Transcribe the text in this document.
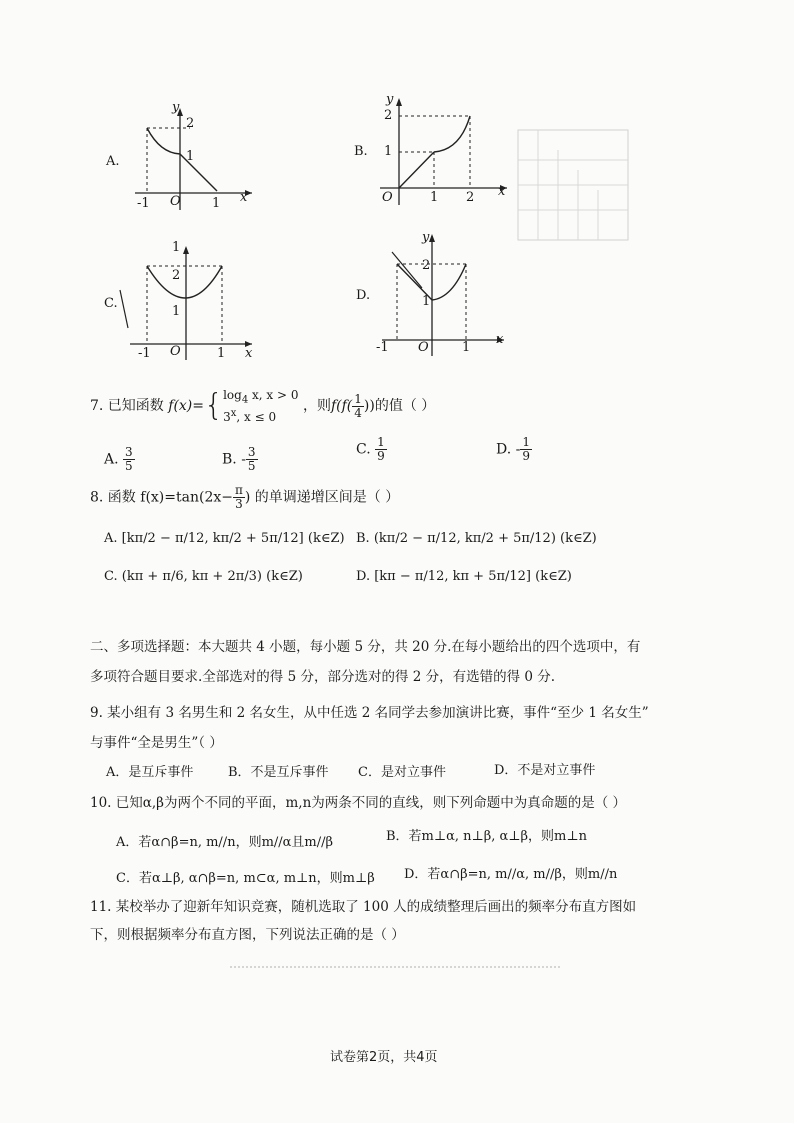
A.
y
2
1
-1 O 1 x
B.
y
2
1
O	1 2 x
C.
1
2
1
-1 O	1 x
D.
y
2
1
-1 O	1
x
7. 已知函数 $f(x)=\{\log_4$ x, x > 0
3$^x$, x ≤ 0 ，则$f(f( \frac{1}{4}$ ))的值（ ）
A. $\frac{3}{5}$	B. - $\frac{3}{5}$	C. $\frac{1}{9}$	D. - $\frac{1}{9}$
8. 函数 $f(x)=\tan(2x- \frac{\pi}{3}$ ) 的单调递增区间是（ ）
A. [kπ/2 − π/12, kπ/2 + 5π/12] (k∈Z) B. (kπ/2 − π/12, kπ/2 + 5π/12) (k∈Z)
C. (kπ + π/6, kπ + 2π/3) (k∈Z)	D. [kπ − π/12, kπ + 5π/12] (k∈Z)
二、多项选择题：本大题共 4 小题，每小题 5 分，共 20 分.在每小题给出的四个选项中，有
多项符合题目要求.全部选对的得 5 分，部分选对的得 2 分，有选错的得 0 分.
9. 某小组有 3 名男生和 2 名女生，从中任选 2 名同学去参加演讲比赛，事件“至少 1 名女生”
与事件“全是男生”（ ）
A．是互斥事件	B．不是互斥事件 C．是对立事件	D．不是对立事件
10. 已知α,β为两个不同的平面，m,n为两条不同的直线，则下列命题中为真命题的是（ ）
A．若α∩β=n, m//n，则m//α且m//β	B．若m⊥α, n⊥β, α⊥β，则m⊥n
C．若α⊥β, α∩β=n, m⊂α, m⊥n，则m⊥β D．若α∩β=n, m//α, m//β，则m//n
11. 某校举办了迎新年知识竞赛，随机选取了 100 人的成绩整理后画出的频率分布直方图如
下，则根据频率分布直方图，下列说法正确的是（ ）
试卷第2页，共4页
